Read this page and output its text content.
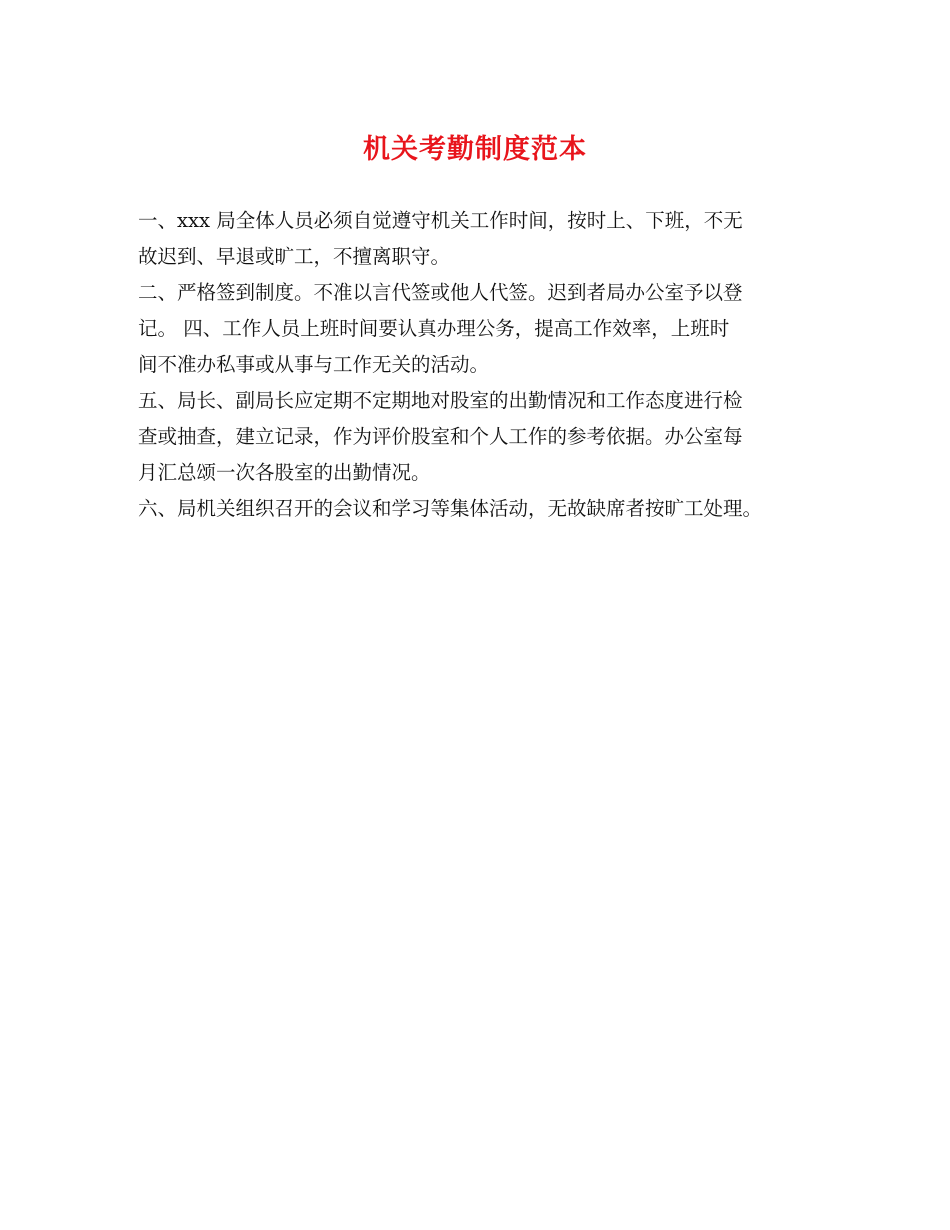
机关考勤制度范本

一、xxx 局全体人员必须自觉遵守机关工作时间，按时上、下班，不无

故迟到、早退或旷工，不擅离职守。

二、严格签到制度。不准以言代签或他人代签。迟到者局办公室予以登

记。 四、工作人员上班时间要认真办理公务，提高工作效率，上班时

间不准办私事或从事与工作无关的活动。

五、局长、副局长应定期不定期地对股室的出勤情况和工作态度进行检

查或抽查，建立记录，作为评价股室和个人工作的参考依据。办公室每

月汇总颂一次各股室的出勤情况。

六、局机关组织召开的会议和学习等集体活动，无故缺席者按旷工处理。
